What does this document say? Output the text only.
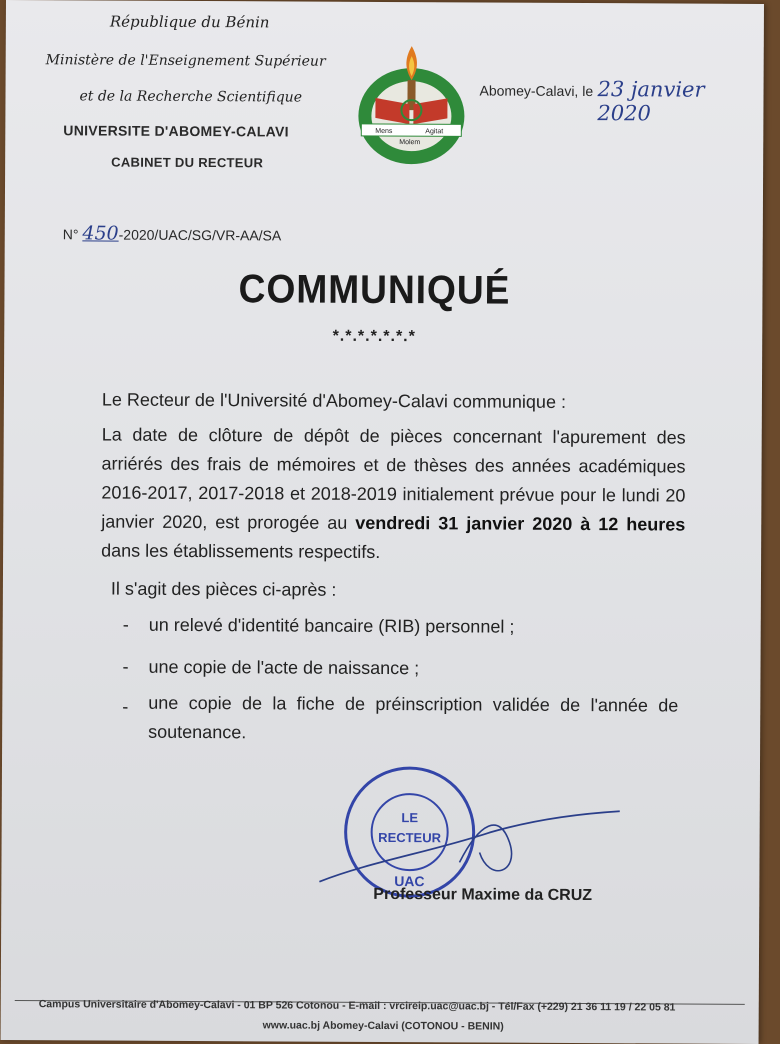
République du Bénin
Ministère de l'Enseignement Supérieur
et de la Recherche Scientifique
UNIVERSITE D'ABOMEY-CALAVI
CABINET DU RECTEUR
Mens	Agitat
Molem
Abomey-Calavi, le 23 janvier 2020
N° 450-2020/UAC/SG/VR-AA/SA
COMMUNIQUÉ
*.*.*.*.*.*.*
Le Recteur de l'Université d'Abomey-Calavi communique :
La date de clôture de dépôt de pièces concernant l'apurement des arriérés des frais de mémoires et de thèses des années académiques 2016-2017, 2017-2018 et 2018-2019 initialement prévue pour le lundi 20 janvier 2020, est prorogée au vendredi 31 janvier 2020 à 12 heures dans les établissements respectifs.
Il s'agit des pièces ci-après :
- un relevé d'identité bancaire (RIB) personnel ;
- une copie de l'acte de naissance ;
- une copie de la fiche de préinscription validée de l'année de soutenance.
LE
RECTEUR
UAC
Professeur Maxime da CRUZ
Campus Universitaire d'Abomey-Calavi - 01 BP 526 Cotonou - E-mail : vrcireip.uac@uac.bj - Tél/Fax (+229) 21 36 11 19 / 22 05 81
www.uac.bj Abomey-Calavi (COTONOU - BENIN)
